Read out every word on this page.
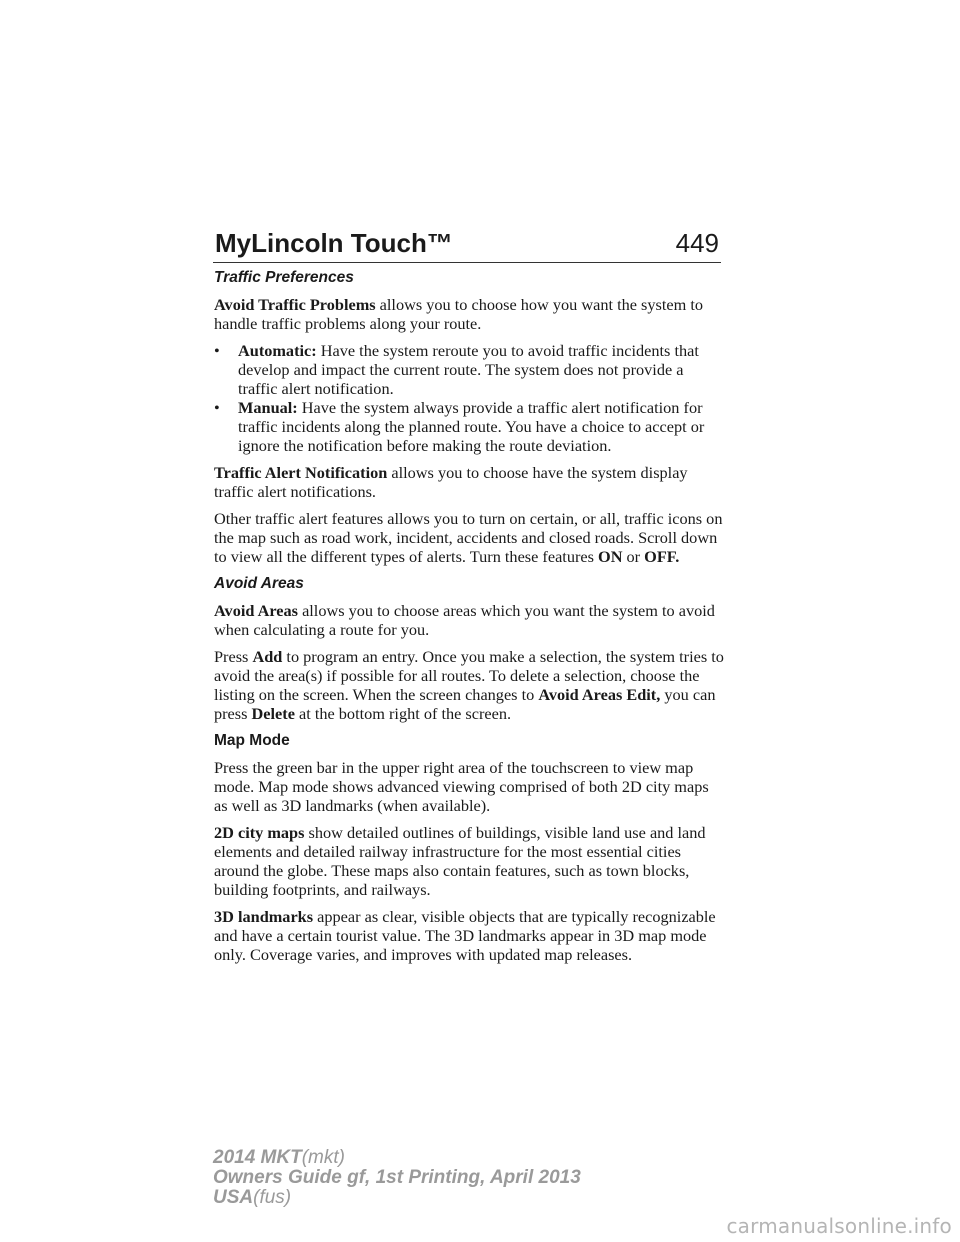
MyLincoln Touch™	449
Traffic Preferences

Avoid Traffic Problems allows you to choose how you want the system to handle traffic problems along your route.

•	Automatic: Have the system reroute you to avoid traffic incidents that develop and impact the current route. The system does not provide a traffic alert notification.
•	Manual: Have the system always provide a traffic alert notification for traffic incidents along the planned route. You have a choice to accept or ignore the notification before making the route deviation.

Traffic Alert Notification allows you to choose have the system display traffic alert notifications.

Other traffic alert features allows you to turn on certain, or all, traffic icons on the map such as road work, incident, accidents and closed roads. Scroll down to view all the different types of alerts. Turn these features ON or OFF.

Avoid Areas

Avoid Areas allows you to choose areas which you want the system to avoid when calculating a route for you.

Press Add to program an entry. Once you make a selection, the system tries to avoid the area(s) if possible for all routes. To delete a selection, choose the listing on the screen. When the screen changes to Avoid Areas Edit, you can press Delete at the bottom right of the screen.

Map Mode

Press the green bar in the upper right area of the touchscreen to view map mode. Map mode shows advanced viewing comprised of both 2D city maps as well as 3D landmarks (when available).

2D city maps show detailed outlines of buildings, visible land use and land elements and detailed railway infrastructure for the most essential cities around the globe. These maps also contain features, such as town blocks, building footprints, and railways.

3D landmarks appear as clear, visible objects that are typically recognizable and have a certain tourist value. The 3D landmarks appear in 3D map mode only. Coverage varies, and improves with updated map releases.

2014 MKT(mkt)
Owners Guide gf, 1st Printing, April 2013
USA(fus)
carmanualsonline.info
